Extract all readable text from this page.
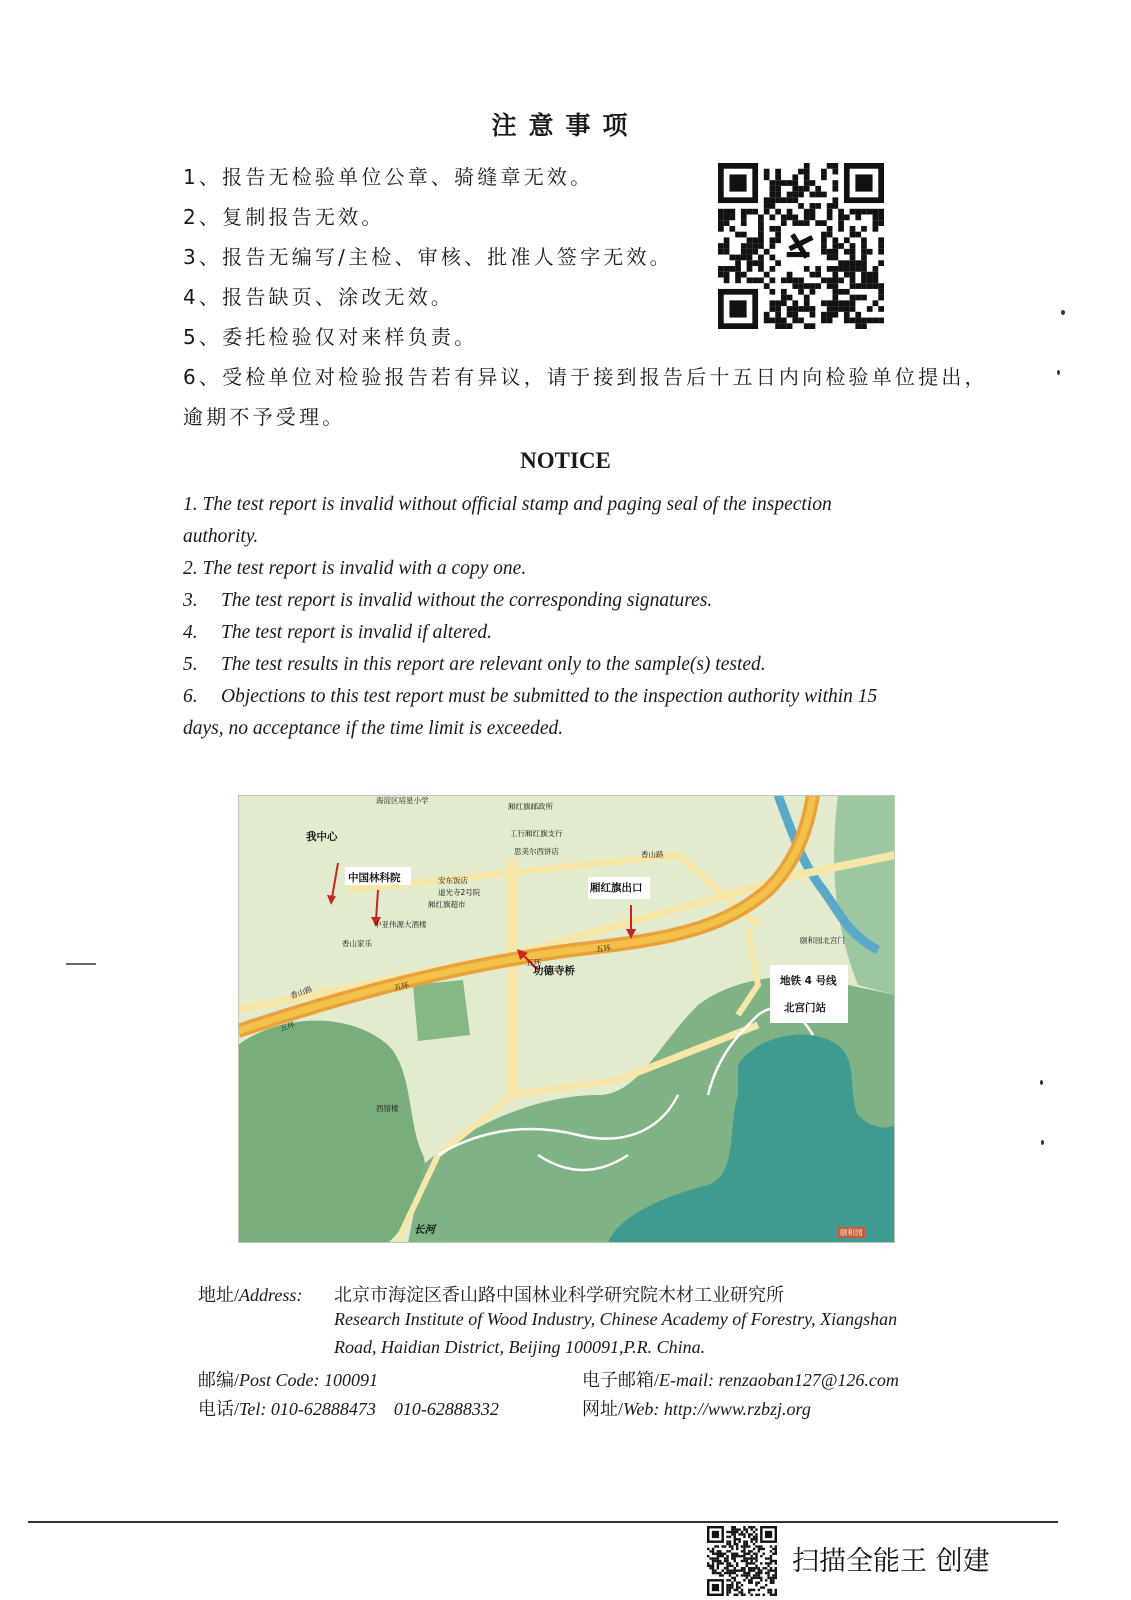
注意事项
1、报告无检验单位公章、骑缝章无效。
2、复制报告无效。
3、报告无编写/主检、审核、批准人签字无效。
4、报告缺页、涂改无效。
5、委托检验仅对来样负责。
6、受检单位对检验报告若有异议，请于接到报告后十五日内向检验单位提出，
逾期不予受理。
NOTICE
1. The test report is invalid without official stamp and paging seal of the inspection
authority.
2. The test report is invalid with a copy one.
3. The test report is invalid without the corresponding signatures.
4. The test report is invalid if altered.
5. The test results in this report are relevant only to the sample(s) tested.
6. Objections to this test report must be submitted to the inspection authority within 15
days, no acceptance if the time limit is exceeded.
我中心
中国林科院
厢红旗出口
功德寺桥
地铁 4 号线
北宫门站
长河
五环
五环
五环
五环
香山路
香山路
海淀区培星小学
厢红旗邮政所
工行厢红旗支行
思美尔西饼店
安东饭店
道光寺2号院
厢红旗超市
中亚伟源大酒楼
颐和园北宫门
颐和园
香山家乐
西馆楼
地址/Address: 北京市海淀区香山路中国林业科学研究院木材工业研究所
Research Institute of Wood Industry, Chinese Academy of Forestry, Xiangshan
Road, Haidian District, Beijing 100091,P.R. China.
邮编/Post Code: 100091	电子邮箱/E-mail: renzaoban127@126.com
电话/Tel: 010-62888473    010-62888332	网址/Web: http://www.rzbzj.org
扫描全能王 创建
